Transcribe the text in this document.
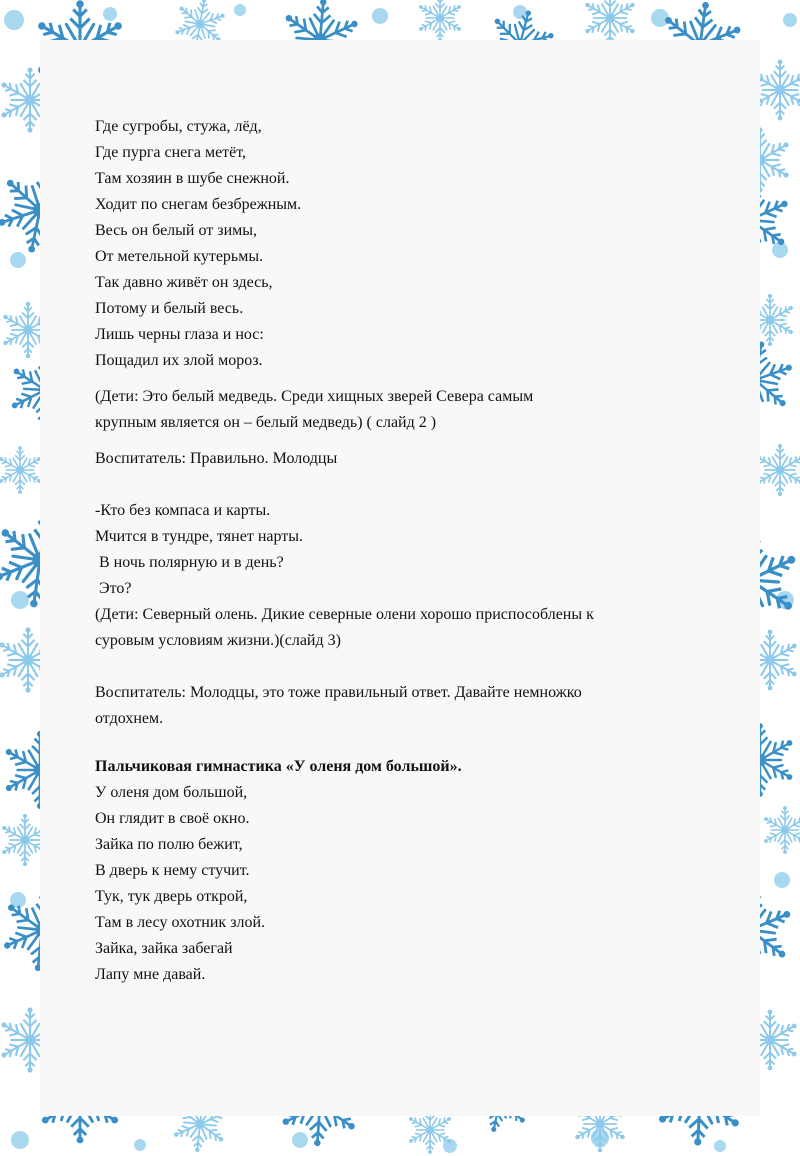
Где сугробы, стужа, лёд,
Где пурга снега метёт,
Там хозяин в шубе снежной.
Ходит по снегам безбрежным.
Весь он белый от зимы,
От метельной кутерьмы.
Так давно живёт он здесь,
Потому и белый весь.
Лишь черны глаза и нос:
Пощадил их злой мороз.
(Дети: Это белый медведь. Среди хищных зверей Севера самым
крупным является он – белый медведь) ( слайд 2 )
Воспитатель: Правильно. Молодцы
-Кто без компаса и карты.
Мчится в тундре, тянет нарты.
В ночь полярную и в день?
Это?
(Дети: Северный олень. Дикие северные олени хорошо приспособлены к
суровым условиям жизни.)(слайд 3)
Воспитатель: Молодцы, это тоже правильный ответ. Давайте немножко
отдохнем.
Пальчиковая гимнастика «У оленя дом большой».
У оленя дом большой,
Он глядит в своё окно.
Зайка по полю бежит,
В дверь к нему стучит.
Тук, тук дверь открой,
Там в лесу охотник злой.
Зайка, зайка забегай
Лапу мне давай.
